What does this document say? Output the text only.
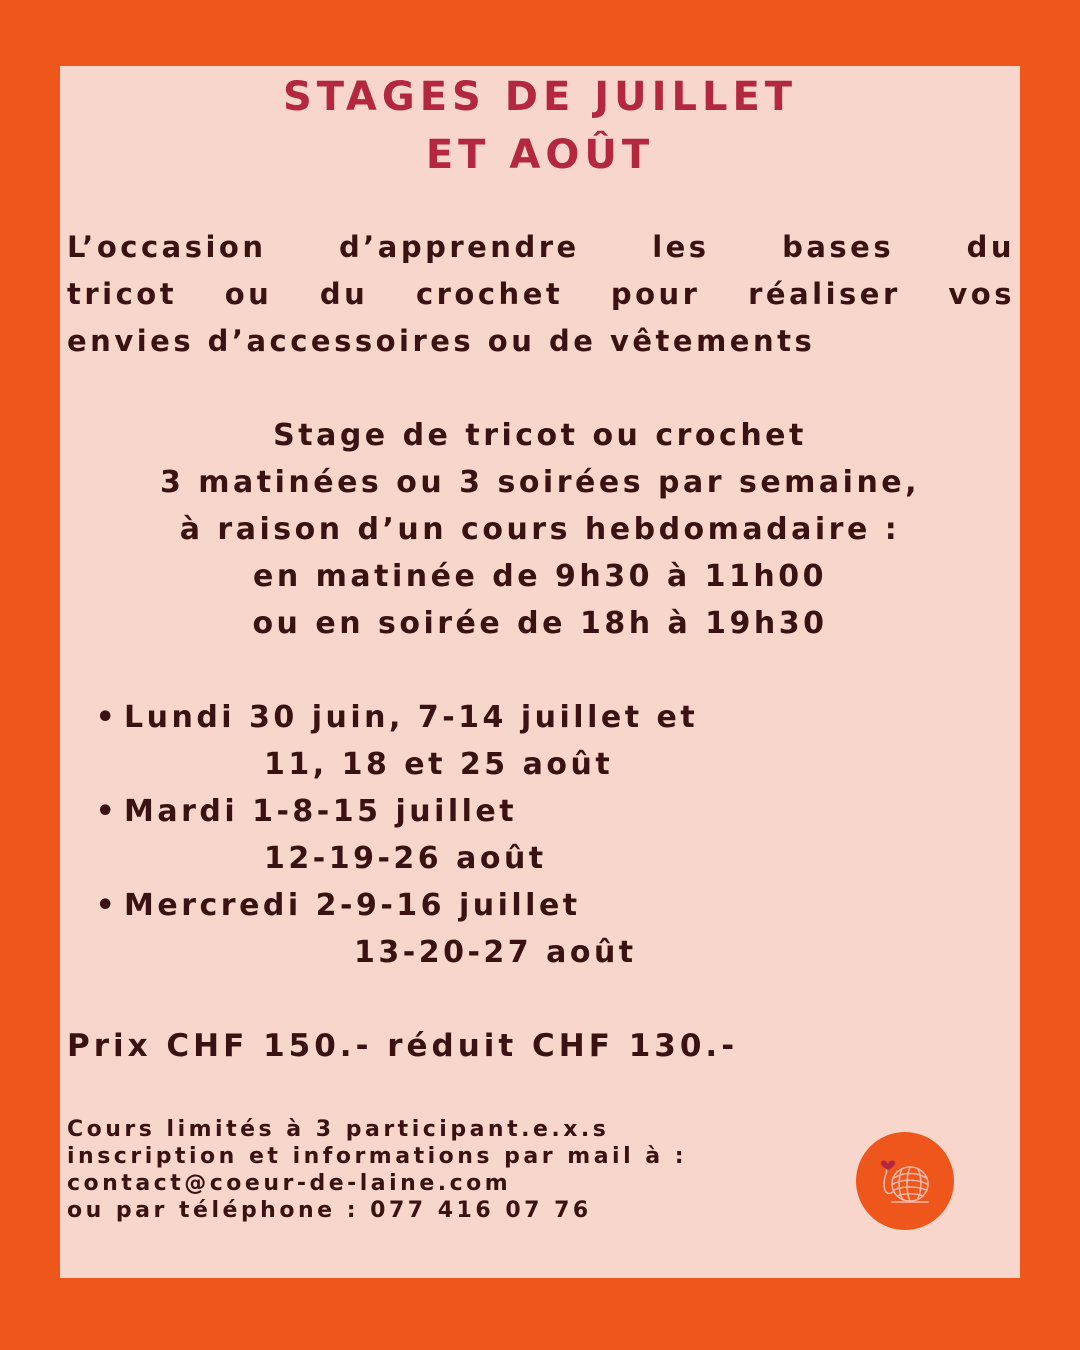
STAGES DE JUILLET
ET AOÛT
L’occasion d’apprendre les bases du
tricot ou du crochet pour réaliser vos
envies d’accessoires ou de vêtements
Stage de tricot ou crochet
3 matinées ou 3 soirées par semaine,
à raison d’un cours hebdomadaire :
en matinée de 9h30 à 11h00
ou en soirée de 18h à 19h30
• Lundi 30 juin, 7-14 juillet et
11, 18 et 25 août
• Mardi 1-8-15 juillet
12-19-26 août
• Mercredi 2-9-16 juillet
13-20-27 août
Prix CHF 150.- réduit CHF 130.-
Cours limités à 3 participant.e.x.s
inscription et informations par mail à :
contact@coeur-de-laine.com
ou par téléphone : 077 416 07 76
